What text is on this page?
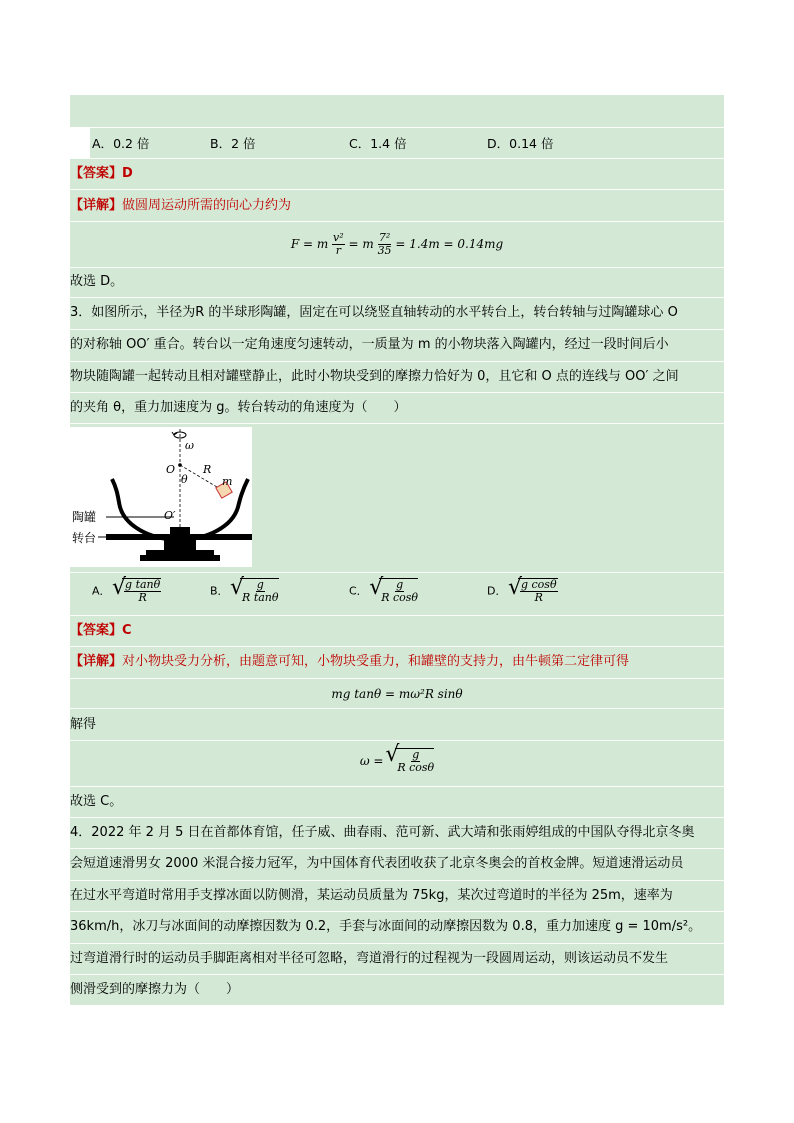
A．0.2 倍	B．2 倍	C．1.4 倍	D．0.14 倍
【答案】D
【详解】做圆周运动所需的向心力约为
F = m $\frac{\text{v²}}{r} = m \frac{\text{7²}}{35} = 1.4m = 0.14mg$
故选 D。
3．如图所示，半径为R 的半球形陶罐，固定在可以绕竖直轴转动的水平转台上，转台转轴与过陶罐球心 O
的对称轴 OO′ 重合。转台以一定角速度匀速转动，一质量为 m 的小物块落入陶罐内，经过一段时间后小
物块随陶罐一起转动且相对罐壁静止，此时小物块受到的摩擦力恰好为 0，且它和 O 点的连线与 OO′ 之间
的夹角 θ，重力加速度为 g。转台转动的角速度为（　　）
ω
O	R
θ	m
O′
陶罐
转台
A． √ $\frac{\text{g tanθ}}{R}$	B． √ $\frac{g}{\text{R tanθ}}$	C． √ $\frac{g}{\text{R cosθ}}$	D． √ $\frac{\text{g cosθ}}{R}$
【答案】C
【详解】对小物块受力分析，由题意可知，小物块受重力，和罐壁的支持力，由牛顿第二定律可得
mg tanθ = mω²R sinθ
解得
ω = √ $\frac{g}{\text{R cosθ}}$
故选 C。
4．2022 年 2 月 5 日在首都体育馆，任子威、曲春雨、范可新、武大靖和张雨婷组成的中国队夺得北京冬奥
会短道速滑男女 2000 米混合接力冠军，为中国体育代表团收获了北京冬奥会的首枚金牌。短道速滑运动员
在过水平弯道时常用手支撑冰面以防侧滑，某运动员质量为 75kg，某次过弯道时的半径为 25m，速率为
36km/h，冰刀与冰面间的动摩擦因数为 0.2，手套与冰面间的动摩擦因数为 0.8，重力加速度 g = 10m/s²。
过弯道滑行时的运动员手脚距离相对半径可忽略，弯道滑行的过程视为一段圆周运动，则该运动员不发生
侧滑受到的摩擦力为（　　）
